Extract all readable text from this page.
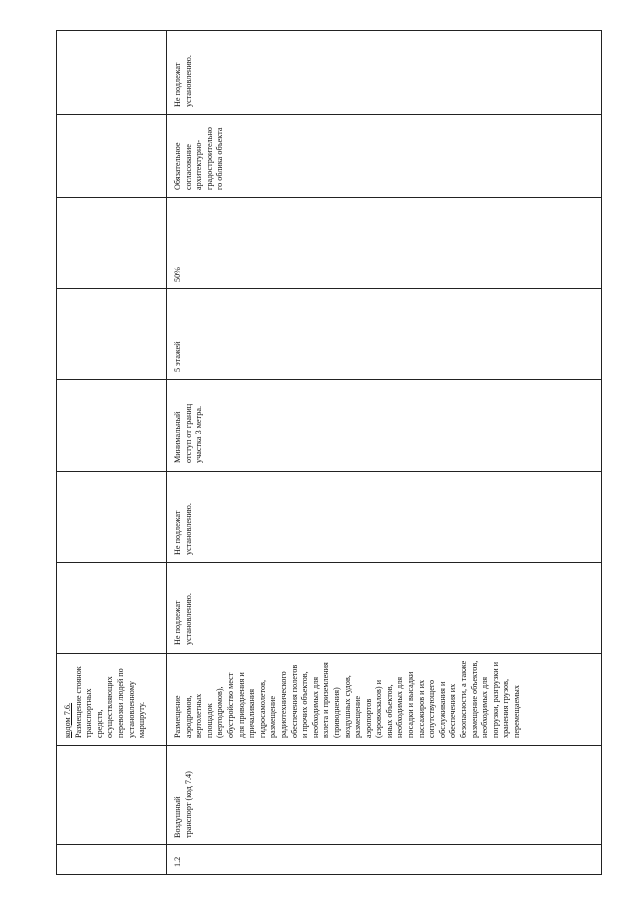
кодом 7.6. Размещение стоянок
транспортных
средств,
осуществляющих
перевозки людей по
установленному
маршруту.
1.2
Воздушный
транспорт (код 7.4)
Размещение
аэродромов,
вертолетных
площадок
(вертодромов),
обустройство мест
для приводнения и
причаливания
гидросамолетов,
размещение
радиотехнического
обеспечения полетов
и прочих объектов,
необходимых для
взлета и приземления
(приводнения)
воздушных судов,
размещение
аэропортов
(аэровокзалов) и
иных объектов,
необходимых для
посадки и высадки
пассажиров и их
сопутствующего
обслуживания и
обеспечения их
безопасности, а также
размещение объектов,
необходимых для
погрузки, разгрузки и
хранения грузов,
перемещаемых
Не подлежат
установлению.
Не подлежат
установлению.
Минимальный
отступ от границ
участка 3 метра.
5 этажей
50%
Обязательное
согласование
архитектурно-
градостроительно
го облика объекта
Не подлежат
установлению.
